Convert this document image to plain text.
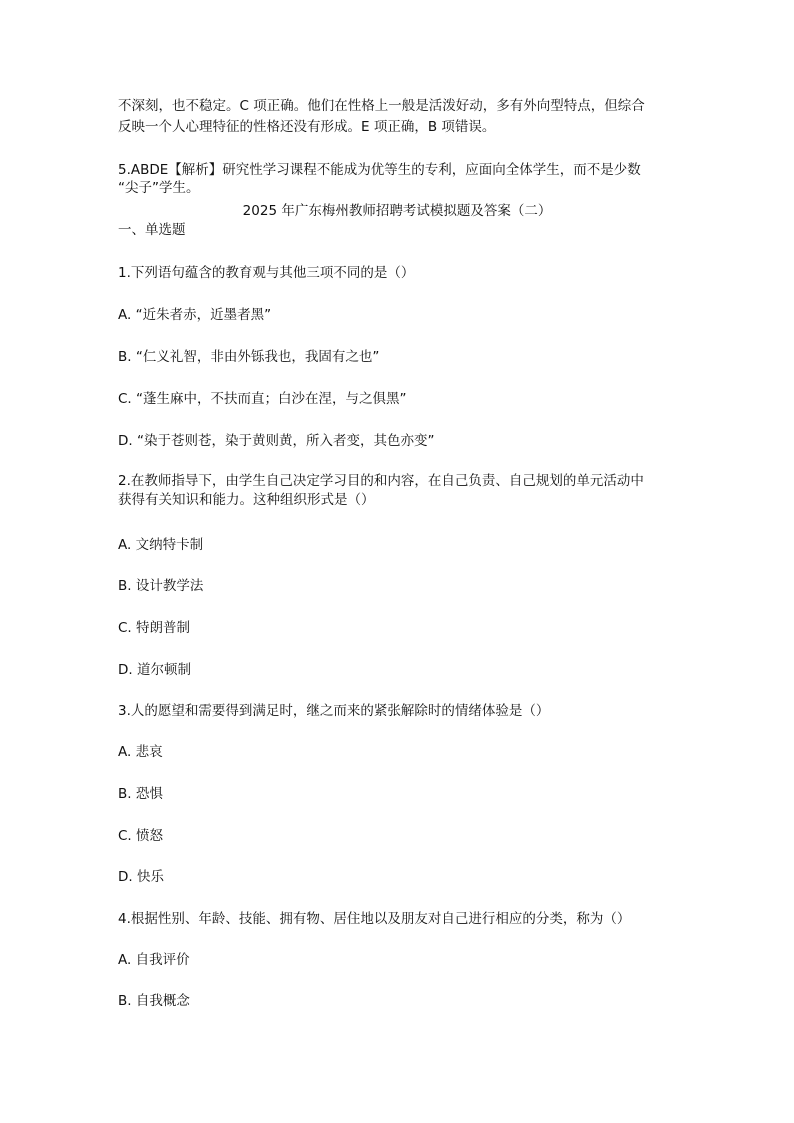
不深刻，也不稳定。C 项正确。他们在性格上一般是活泼好动，多有外向型特点，但综合
反映一个人心理特征的性格还没有形成。E 项正确，B 项错误。
5.ABDE【解析】研究性学习课程不能成为优等生的专利，应面向全体学生，而不是少数
“尖子”学生。
2025 年广东梅州教师招聘考试模拟题及答案（二）
一、单选题
1.下列语句蕴含的教育观与其他三项不同的是（）
A. “近朱者赤，近墨者黑”
B. “仁义礼智，非由外铄我也，我固有之也”
C. “蓬生麻中，不扶而直；白沙在涅，与之俱黑”
D. “染于苍则苍，染于黄则黄，所入者变，其色亦变”
2.在教师指导下，由学生自己决定学习目的和内容，在自己负责、自己规划的单元活动中
获得有关知识和能力。这种组织形式是（）
A. 文纳特卡制
B. 设计教学法
C. 特朗普制
D. 道尔顿制
3.人的愿望和需要得到满足时，继之而来的紧张解除时的情绪体验是（）
A. 悲哀
B. 恐惧
C. 愤怒
D. 快乐
4.根据性别、年龄、技能、拥有物、居住地以及朋友对自己进行相应的分类，称为（）
A. 自我评价
B. 自我概念
